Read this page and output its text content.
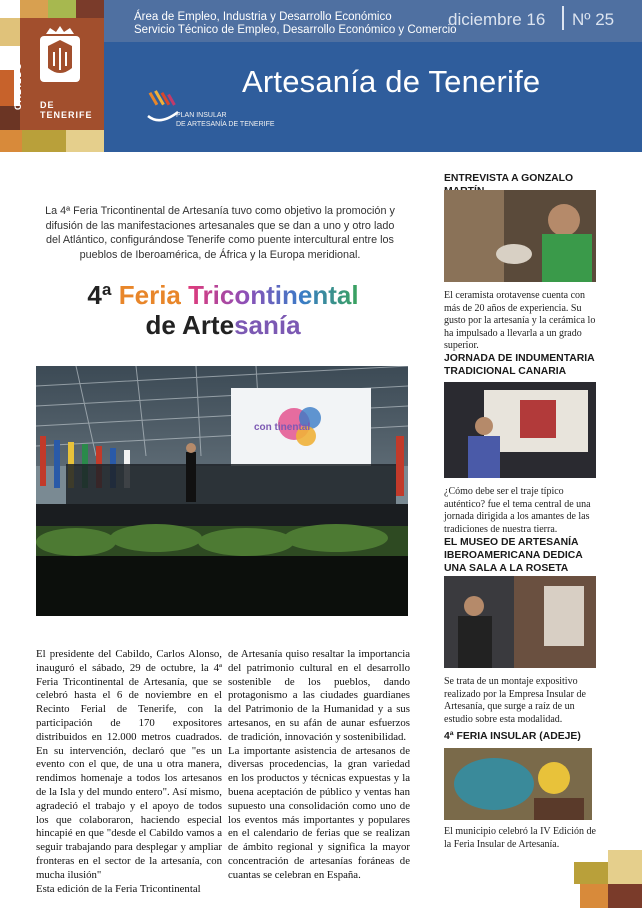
Área de Empleo, Industria y Desarrollo Económico
Servicio Técnico de Empleo, Desarrollo Económico y Comercio
diciembre 16 Nº 25
Artesanía de Tenerife
PLAN INSULAR
DE ARTESANÍA DE TENERIFE
CABILDO	DE TENERIFE
La 4ª Feria Tricontinental de Artesanía tuvo como objetivo la promoción y difusión de las manifestaciones artesanales que se dan a uno y otro lado del Atlántico, configurándose Tenerife como puente intercultural entre los pueblos de Iberoamérica, de África y la Europa meridional.
4ª Feria Tricontinental
de Artesanía
con tinental
El presidente del Cabildo, Carlos Alonso, inauguró el sábado, 29 de octubre, la 4ª Feria Tricontinental de Artesanía, que se celebró hasta el 6 de noviembre en el Recinto Ferial de Tenerife, con la participación de 170 expositores distribuidos en 12.000 metros cuadrados. En su intervención, declaró que "es un evento con el que, de una u otra manera, rendimos homenaje a todos los artesanos de la Isla y del mundo entero". Así mismo, agradeció el trabajo y el apoyo de todos los que colaboraron, haciendo especial hincapié en que "desde el Cabildo vamos a seguir trabajando para desplegar y ampliar fronteras en el sector de la artesanía, con mucha ilusión"
Esta edición de la Feria Tricontinental
de Artesanía quiso resaltar la importancia del patrimonio cultural en el desarrollo sostenible de los pueblos, dando protagonismo a las ciudades guardianes del Patrimonio de la Humanidad y a sus artesanos, en su afán de aunar esfuerzos de tradición, innovación y sostenibilidad.
La importante asistencia de artesanos de diversas procedencias, la gran variedad en los productos y técnicas expuestas y la buena aceptación de público y ventas han supuesto una consolidación como uno de los eventos más importantes y populares en el calendario de ferias que se realizan de ámbito regional y significa la mayor concentración de artesanías foráneas de cuantas se celebran en España.
ENTREVISTA A GONZALO
El ceramista orotavense cuenta con más de 20 años de experiencia. Su gusto por la artesanía y la cerámica lo ha impulsado a llevarla a un grado superior.
JORNADA DE INDUMENTARIA TRADICIONAL CANARIA
¿Cómo debe ser el traje típico auténtico? fue el tema central de una jornada dirigida a los amantes de las tradiciones de nuestra tierra.
EL MUSEO DE ARTESANÍA IBEROAMERICANA DEDICA UNA SALA A LA ROSETA
Se trata de un montaje expositivo realizado por la Empresa Insular de Artesanía, que surge a raíz de un estudio sobre esta modalidad.
4ª FERIA INSULAR (ADEJE)
El municipio celebró la IV Edición de la Feria Insular de Artesanía.
